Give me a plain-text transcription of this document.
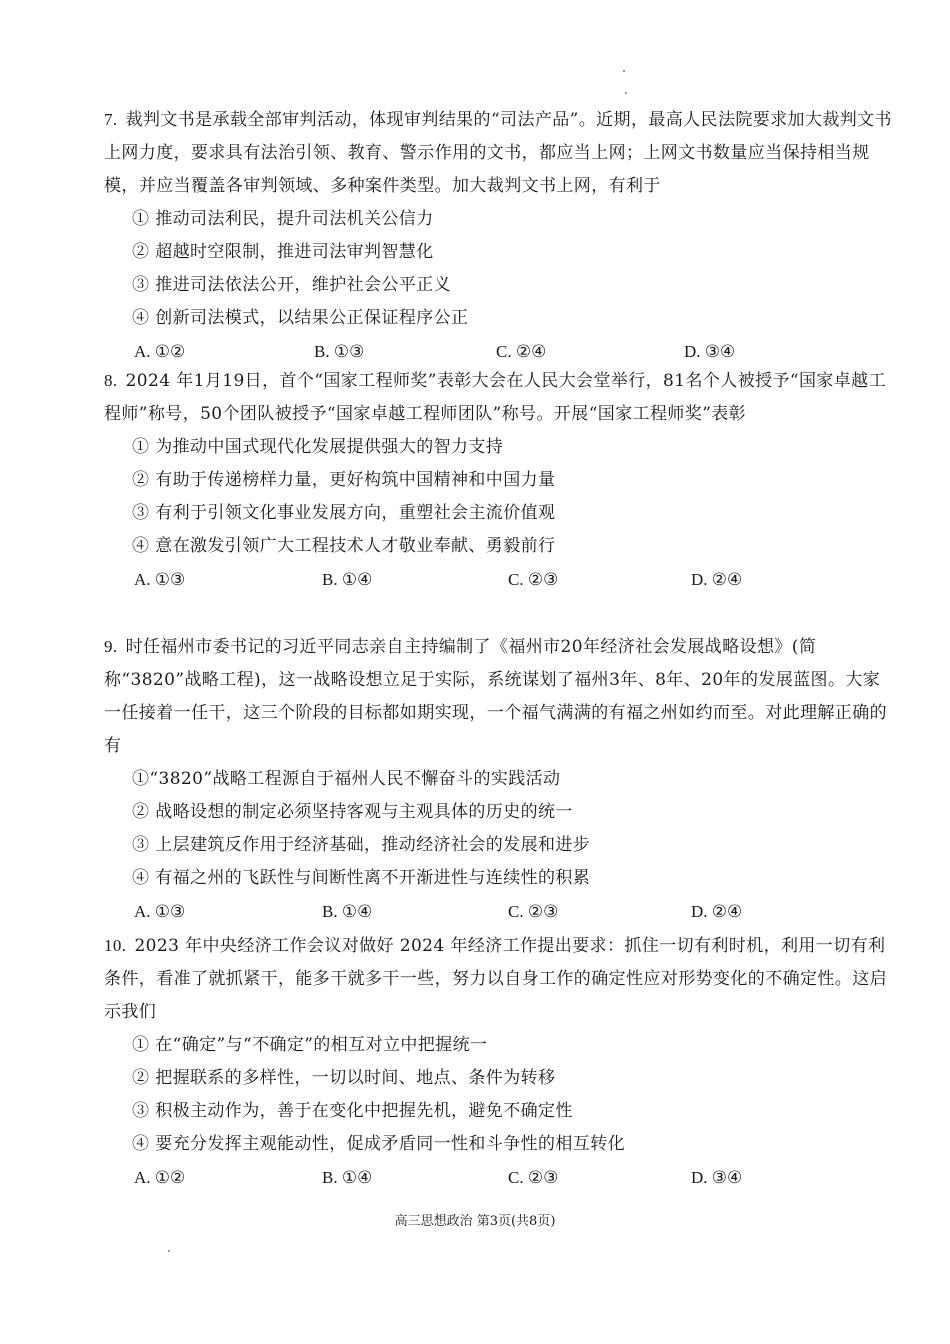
7. 裁判文书是承载全部审判活动，体现审判结果的“司法产品”。近期，最高人民法院要求加大裁判文书上网力度，要求具有法治引领、教育、警示作用的文书，都应当上网；上网文书数量应当保持相当规模，并应当覆盖各审判领域、多种案件类型。加大裁判文书上网，有利于
① 推动司法利民，提升司法机关公信力
② 超越时空限制，推进司法审判智慧化
③ 推进司法依法公开，维护社会公平正义
④ 创新司法模式，以结果公正保证程序公正
A. ①②	B. ①③	C. ②④	D. ③④
8. 2024 年1月19日，首个“国家工程师奖”表彰大会在人民大会堂举行，81名个人被授予“国家卓越工程师”称号，50个团队被授予“国家卓越工程师团队”称号。开展“国家工程师奖”表彰
① 为推动中国式现代化发展提供强大的智力支持
② 有助于传递榜样力量，更好构筑中国精神和中国力量
③ 有利于引领文化事业发展方向，重塑社会主流价值观
④ 意在激发引领广大工程技术人才敬业奉献、勇毅前行
A. ①③	B. ①④	C. ②③	D. ②④
9. 时任福州市委书记的习近平同志亲自主持编制了《福州市20年经济社会发展战略设想》(简称“3820”战略工程)，这一战略设想立足于实际，系统谋划了福州3年、8年、20年的发展蓝图。大家一任接着一任干，这三个阶段的目标都如期实现，一个福气满满的有福之州如约而至。对此理解正确的有
①“3820”战略工程源自于福州人民不懈奋斗的实践活动
② 战略设想的制定必须坚持客观与主观具体的历史的统一
③ 上层建筑反作用于经济基础，推动经济社会的发展和进步
④ 有福之州的飞跃性与间断性离不开渐进性与连续性的积累
A. ①③	B. ①④	C. ②③	D. ②④
10. 2023 年中央经济工作会议对做好 2024 年经济工作提出要求：抓住一切有利时机，利用一切有利条件，看准了就抓紧干，能多干就多干一些，努力以自身工作的确定性应对形势变化的不确定性。这启示我们
① 在“确定”与“不确定”的相互对立中把握统一
② 把握联系的多样性，一切以时间、地点、条件为转移
③ 积极主动作为，善于在变化中把握先机，避免不确定性
④ 要充分发挥主观能动性，促成矛盾同一性和斗争性的相互转化
A. ①②	B. ①④	C. ②③	D. ③④
高三思想政治 第3页(共8页)
